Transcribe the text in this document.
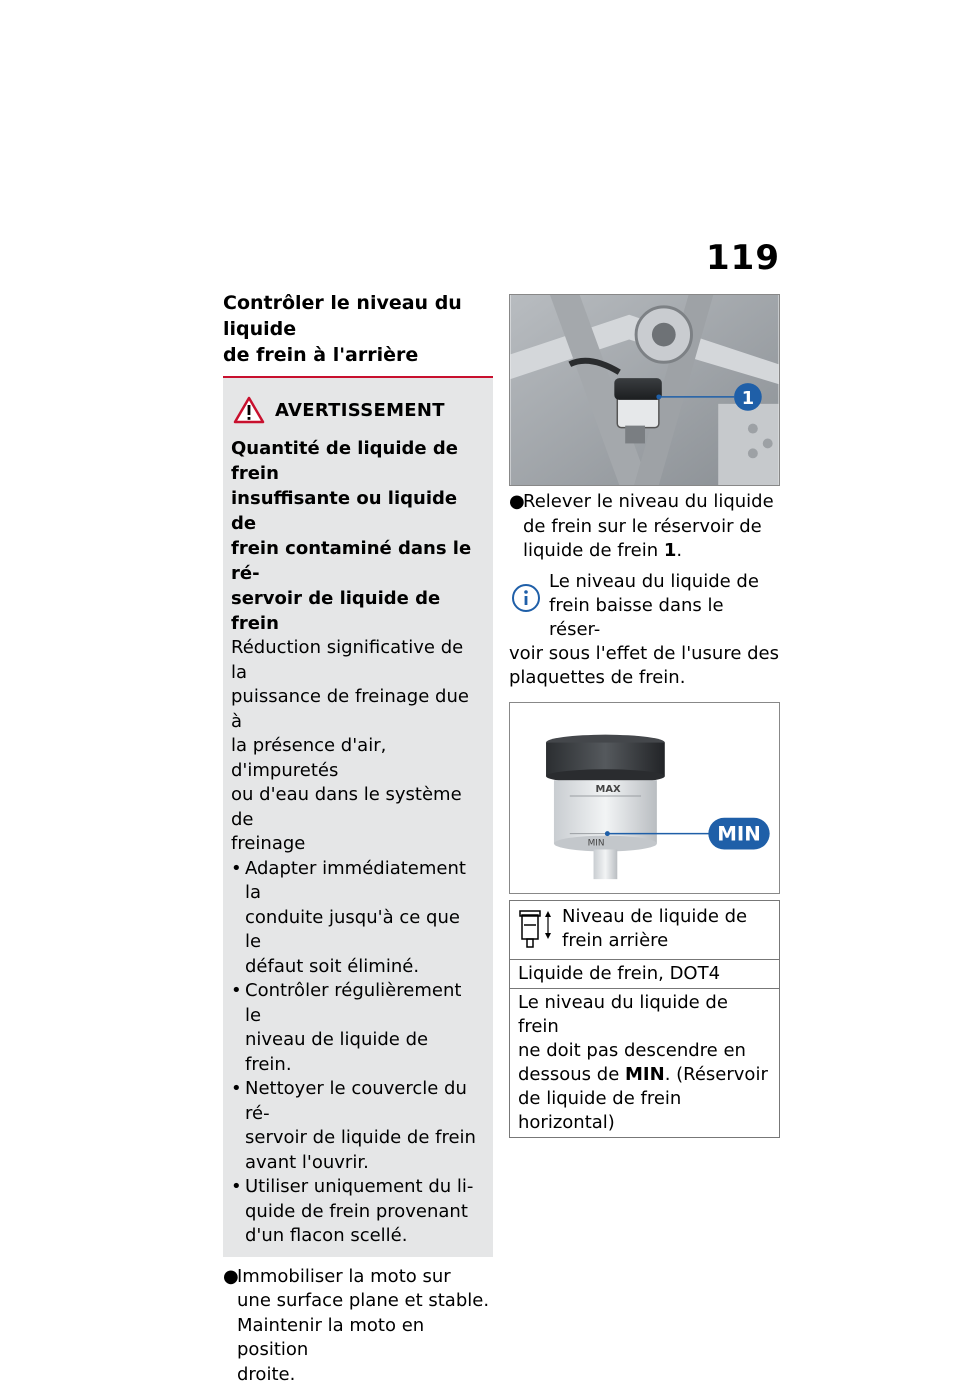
119
Contrôler le niveau du liquide
de frein à l'arrière
AVERTISSEMENT
Quantité de liquide de frein
insuffisante ou liquide de
frein contaminé dans le ré-
servoir de liquide de frein
Réduction significative de la
puissance de freinage due à
la présence d'air, d'impuretés
ou d'eau dans le système de
freinage
• Adapter immédiatement la
conduite jusqu'à ce que le
défaut soit éliminé.
• Contrôler régulièrement le
niveau de liquide de frein.
• Nettoyer le couvercle du ré-
servoir de liquide de frein
avant l'ouvrir.
• Utiliser uniquement du li-
quide de frein provenant
d'un flacon scellé.
●
Immobiliser la moto sur
une surface plane et stable.
Maintenir la moto en position
droite.
1
●
Relever le niveau du liquide
de frein sur le réservoir de
liquide de frein 1.
Le niveau du liquide de
frein baisse dans le réser-
voir sous l'effet de l'usure des
plaquettes de frein.
MAX
MIN	MIN
Niveau de liquide de
frein arrière
Liquide de frein, DOT4
Le niveau du liquide de frein
ne doit pas descendre en
dessous de MIN. (Réservoir
de liquide de frein horizontal)
